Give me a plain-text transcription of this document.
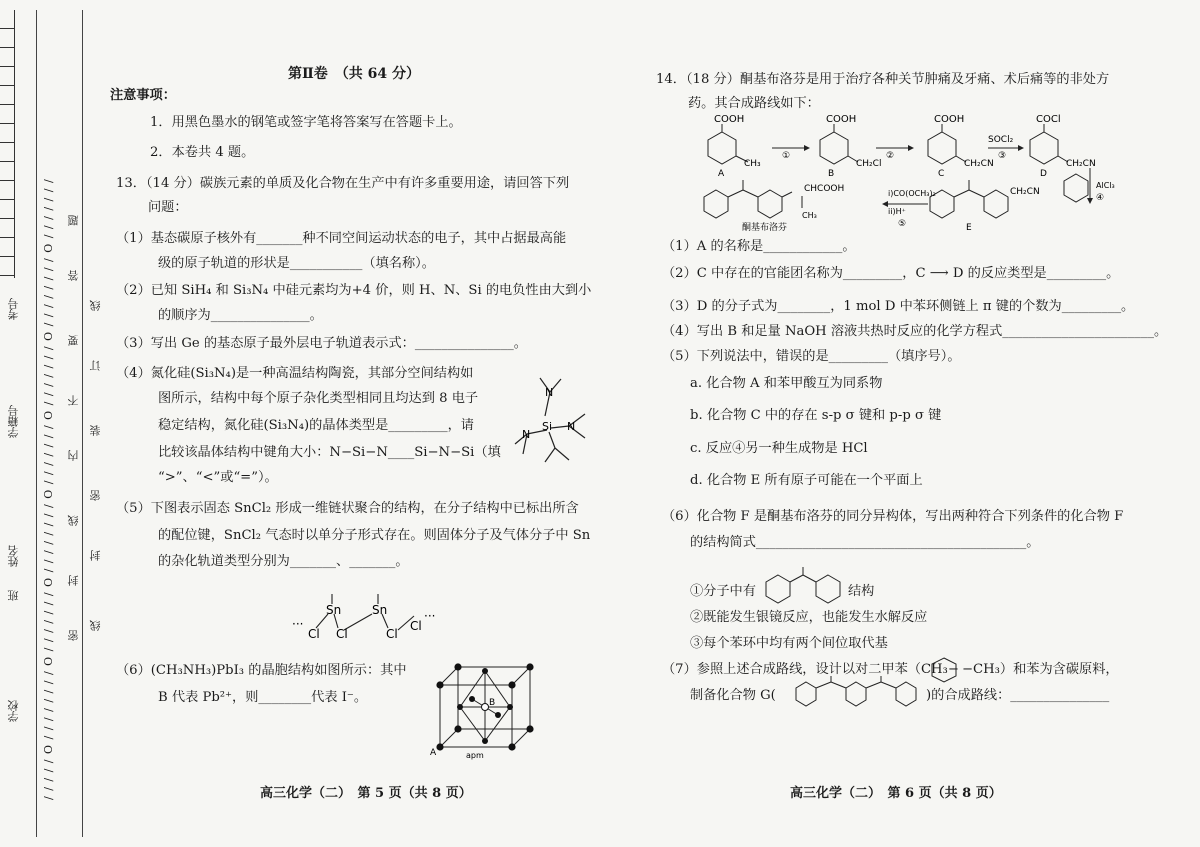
学校
班
姓名
学籍号
考号 / / / / / O / / / / / / / / O / / / / / / / O / / / / / / / / O / / / / / / / O / / / / / / / O / / / / / / / / O / / / / / / / 题
答
要
不
内
线
封
密
线
订
装
密
封
线
第Ⅱ卷　（共 64 分）
注意事项：
1．用黑色墨水的钢笔或签字笔将答案写在答题卡上。
2．本卷共 4 题。
13．（14 分）碳族元素的单质及化合物在生产中有许多重要用途，请回答下列
问题：
（1）基态碳原子核外有_______种不同空间运动状态的电子，其中占据最高能
级的原子轨道的形状是___________（填名称）。
（2）已知 SiH₄ 和 Si₃N₄ 中硅元素均为+4 价，则 H、N、Si 的电负性由大到小
的顺序为_______________。
（3）写出 Ge 的基态原子最外层电子轨道表示式：_______________。
（4）氮化硅(Si₃N₄)是一种高温结构陶瓷，其部分空间结构如
图所示，结构中每个原子杂化类型相同且均达到 8 电子
稳定结构，氮化硅(Si₃N₄)的晶体类型是_________，请
比较该晶体结构中键角大小：N−Si−N____Si−N−Si（填
“>”、“<”或“=”）。
N
Si N
N
（5）下图表示固态 SnCl₂ 形成一维链状聚合的结构，在分子结构中已标出所含
的配位键，SnCl₂ 气态时以单分子形式存在。则固体分子及气体分子中 Sn
的杂化轨道类型分别为_______、_______。
···
Sn	Sn
Cl Cl	Cl
Cl
···
（6）(CH₃NH₃)PbI₃ 的晶胞结构如图所示：其中
B 代表 Pb²⁺，则________代表 I⁻。
A
B
apm
高三化学（二）　第 5 页（共 8 页）
14．（18 分）酮基布洛芬是用于治疗各种关节肿痛及牙痛、术后痛等的非处方
药。其合成路线如下：
COOH
CH₃
COOH
CH₂Cl
COOH
CH₂CN
COCl
CH₂CN
CHCOOH
CH₃
CH₂CN
A	B	C	D
E
酮基布洛芬
①	②
SOCl₂
③
AlCl₃
④
i)CO(OCH₃)₂
ii)H⁺
⑤
（1）A 的名称是____________。
（2）C 中存在的官能团名称为_________，C ⟶ D 的反应类型是_________。
（3）D 的分子式为________，1 mol D 中苯环侧链上 π 键的个数为_________。
（4）写出 B 和足量 NaOH 溶液共热时反应的化学方程式_______________________。
（5）下列说法中，错误的是_________（填序号）。
a. 化合物 A 和苯甲酸互为同系物
b. 化合物 C 中的存在 s-p σ 键和 p-p σ 键
c. 反应④另一种生成物是 HCl
d. 化合物 E 所有原子可能在一个平面上
（6）化合物 F 是酮基布洛芬的同分异构体，写出两种符合下列条件的化合物 F
的结构简式_________________________________________。
①分子中有	结构
②既能发生银镜反应，也能发生水解反应
③每个苯环中均有两个间位取代基
（7）参照上述合成路线，设计以对二甲苯（CH₃− −CH₃）和苯为含碳原料，
制备化合物 G(	)的合成路线：_______________
高三化学（二）　第 6 页（共 8 页）
